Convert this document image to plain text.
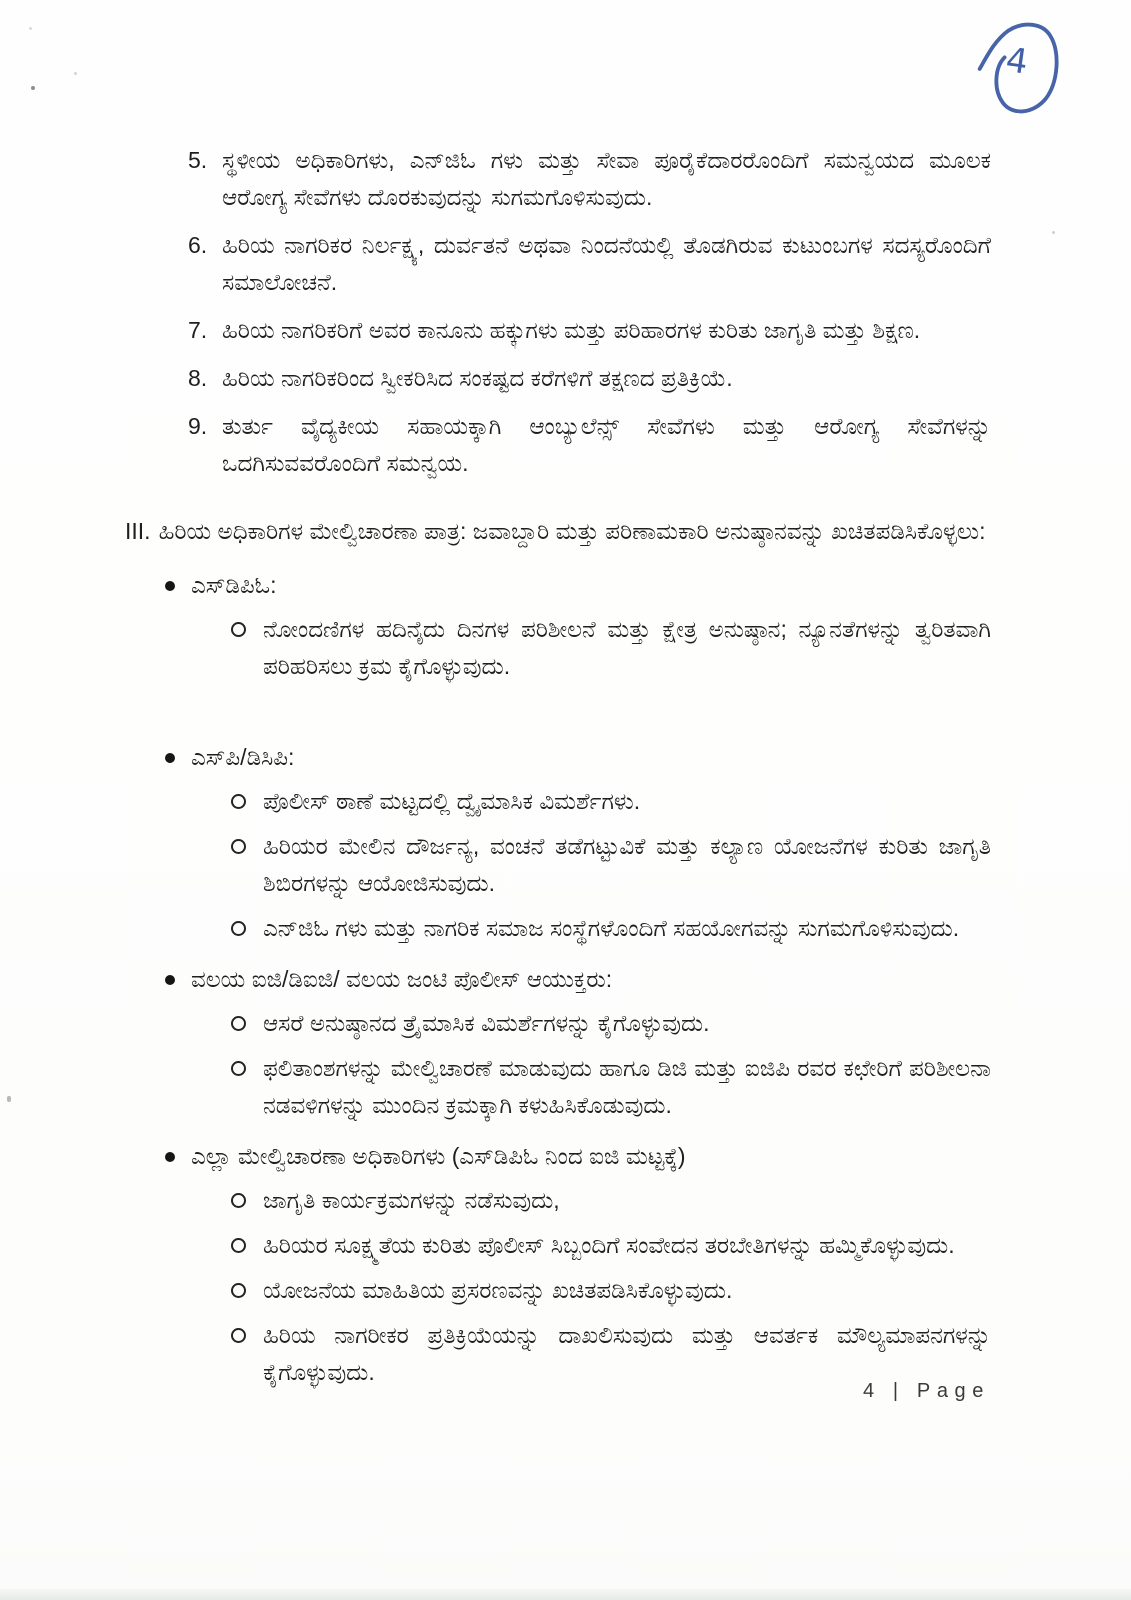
4
5. ಸ್ಥಳೀಯ ಅಧಿಕಾರಿಗಳು, ಎನ್‌ಜಿಓ ಗಳು ಮತ್ತು ಸೇವಾ ಪೂರೈಕೆದಾರರೊಂದಿಗೆ ಸಮನ್ವಯದ ಮೂಲಕ ಆರೋಗ್ಯ ಸೇವೆಗಳು ದೊರಕುವುದನ್ನು ಸುಗಮಗೊಳಿಸುವುದು.
6. ಹಿರಿಯ ನಾಗರಿಕರ ನಿರ್ಲಕ್ಷ್ಯ, ದುರ್ವತನೆ ಅಥವಾ ನಿಂದನೆಯಲ್ಲಿ ತೊಡಗಿರುವ ಕುಟುಂಬಗಳ ಸದಸ್ಯರೊಂದಿಗೆ ಸಮಾಲೋಚನೆ.
7. ಹಿರಿಯ ನಾಗರಿಕರಿಗೆ ಅವರ ಕಾನೂನು ಹಕ್ಕುಗಳು ಮತ್ತು ಪರಿಹಾರಗಳ ಕುರಿತು ಜಾಗೃತಿ ಮತ್ತು ಶಿಕ್ಷಣ.
8. ಹಿರಿಯ ನಾಗರಿಕರಿಂದ ಸ್ವೀಕರಿಸಿದ ಸಂಕಷ್ಟದ ಕರೆಗಳಿಗೆ ತಕ್ಷಣದ ಪ್ರತಿಕ್ರಿಯೆ.
9. ತುರ್ತು ವೈದ್ಯಕೀಯ ಸಹಾಯಕ್ಕಾಗಿ ಆಂಬ್ಯುಲೆನ್ಸ್ ಸೇವೆಗಳು ಮತ್ತು ಆರೋಗ್ಯ ಸೇವೆಗಳನ್ನು ಒದಗಿಸುವವರೊಂದಿಗೆ ಸಮನ್ವಯ.
III. ಹಿರಿಯ ಅಧಿಕಾರಿಗಳ ಮೇಲ್ವಿಚಾರಣಾ ಪಾತ್ರ: ಜವಾಬ್ದಾರಿ ಮತ್ತು ಪರಿಣಾಮಕಾರಿ ಅನುಷ್ಠಾನವನ್ನು ಖಚಿತಪಡಿಸಿಕೊಳ್ಳಲು:
ಎಸ್‌ಡಿಪಿಓ:
ನೋಂದಣಿಗಳ ಹದಿನೈದು ದಿನಗಳ ಪರಿಶೀಲನೆ ಮತ್ತು ಕ್ಷೇತ್ರ ಅನುಷ್ಠಾನ; ನ್ಯೂನತೆಗಳನ್ನು ತ್ವರಿತವಾಗಿ ಪರಿಹರಿಸಲು ಕ್ರಮ ಕೈಗೊಳ್ಳುವುದು.
ಎಸ್‌ಪಿ/ಡಿಸಿಪಿ:
ಪೊಲೀಸ್ ಠಾಣೆ ಮಟ್ಟದಲ್ಲಿ ದ್ವೈಮಾಸಿಕ ವಿಮರ್ಶೆಗಳು.
ಹಿರಿಯರ ಮೇಲಿನ ದೌರ್ಜನ್ಯ, ವಂಚನೆ ತಡೆಗಟ್ಟುವಿಕೆ ಮತ್ತು ಕಲ್ಯಾಣ ಯೋಜನೆಗಳ ಕುರಿತು ಜಾಗೃತಿ ಶಿಬಿರಗಳನ್ನು ಆಯೋಜಿಸುವುದು.
ಎನ್‌ಜಿಓ ಗಳು ಮತ್ತು ನಾಗರಿಕ ಸಮಾಜ ಸಂಸ್ಥೆಗಳೊಂದಿಗೆ ಸಹಯೋಗವನ್ನು ಸುಗಮಗೊಳಿಸುವುದು.
ವಲಯ ಐಜಿ/ಡಿಐಜಿ/ ವಲಯ ಜಂಟಿ ಪೊಲೀಸ್ ಆಯುಕ್ತರು:
ಆಸರೆ ಅನುಷ್ಠಾನದ ತ್ರೈಮಾಸಿಕ ವಿಮರ್ಶೆಗಳನ್ನು ಕೈಗೊಳ್ಳುವುದು.
ಫಲಿತಾಂಶಗಳನ್ನು ಮೇಲ್ವಿಚಾರಣೆ ಮಾಡುವುದು ಹಾಗೂ ಡಿಜಿ ಮತ್ತು ಐಜಿಪಿ ರವರ ಕಛೇರಿಗೆ ಪರಿಶೀಲನಾ ನಡವಳಿಗಳನ್ನು ಮುಂದಿನ ಕ್ರಮಕ್ಕಾಗಿ ಕಳುಹಿಸಿಕೊಡುವುದು.
ಎಲ್ಲಾ ಮೇಲ್ವಿಚಾರಣಾ ಅಧಿಕಾರಿಗಳು (ಎಸ್‌ಡಿಪಿಓ ನಿಂದ ಐಜಿ ಮಟ್ಟಕ್ಕೆ)
ಜಾಗೃತಿ ಕಾರ್ಯಕ್ರಮಗಳನ್ನು ನಡೆಸುವುದು,
ಹಿರಿಯರ ಸೂಕ್ಷ್ಮತೆಯ ಕುರಿತು ಪೊಲೀಸ್ ಸಿಬ್ಬಂದಿಗೆ ಸಂವೇದನ ತರಬೇತಿಗಳನ್ನು ಹಮ್ಮಿಕೊಳ್ಳುವುದು.
ಯೋಜನೆಯ ಮಾಹಿತಿಯ ಪ್ರಸರಣವನ್ನು ಖಚಿತಪಡಿಸಿಕೊಳ್ಳುವುದು.
ಹಿರಿಯ ನಾಗರೀಕರ ಪ್ರತಿಕ್ರಿಯೆಯನ್ನು ದಾಖಲಿಸುವುದು ಮತ್ತು ಆವರ್ತಕ ಮೌಲ್ಯಮಾಪನಗಳನ್ನು ಕೈಗೊಳ್ಳುವುದು.
4 | Page
